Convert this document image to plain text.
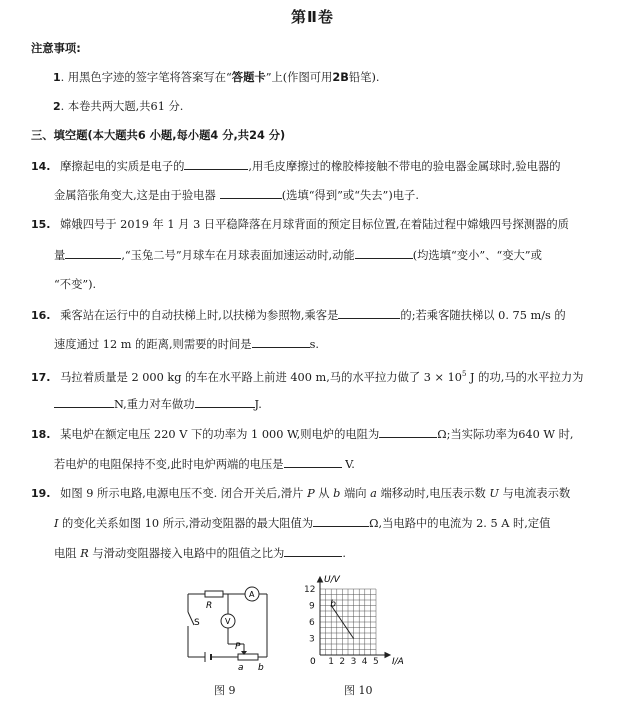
第Ⅱ卷
注意事项:
1. 用黑色字迹的签字笔将答案写在“答题卡”上(作图可用2B铅笔).
2. 本卷共两大题,共61 分.
三、填空题(本大题共6 小题,每小题4 分,共24 分)
14. 摩擦起电的实质是电子的	,用毛皮摩擦过的橡胶棒接触不带电的验电器金属球时,验电器的
金属箔张角变大,这是由于验电器	(选填“得到”或“失去”)电子.
15. 嫦娥四号于 2019 年 1 月 3 日平稳降落在月球背面的预定目标位置,在着陆过程中嫦娥四号探测器的质
量	,“玉兔二号”月球车在月球表面加速运动时,动能	(均选填“变小”、“变大”或
“不变”).
16. 乘客站在运行中的自动扶梯上时,以扶梯为参照物,乘客是	的;若乘客随扶梯以 0. 75 m/s 的
速度通过 12 m 的距离,则需要的时间是	s.
17. 马拉着质量是 2 000 kg 的车在水平路上前进 400 m,马的水平拉力做了 $3 \times 10^5$ J 的功,马的水平拉力为
N,重力对车做功	J.
18. 某电炉在额定电压 220 V 下的功率为 1 000 W,则电炉的电阻为	Ω;当实际功率为640 W 时,
若电炉的电阻保持不变,此时电炉两端的电压是	V.
19. 如图 9 所示电路,电源电压不变. 闭合开关后,滑片 P 从 b 端向 a 端移动时,电压表示数 U 与电流表示数
I 的变化关系如图 10 所示,滑动变阻器的最大阻值为	Ω,当电路中的电流为 2. 5 A 时,定值
电阻 R 与滑动变阻器接入电路中的阻值之比为	.
R
A
V
S
P
a b
图 9
1 2 3 4 5
3
6
9
12
U/V
I/A
0
b
图 10
